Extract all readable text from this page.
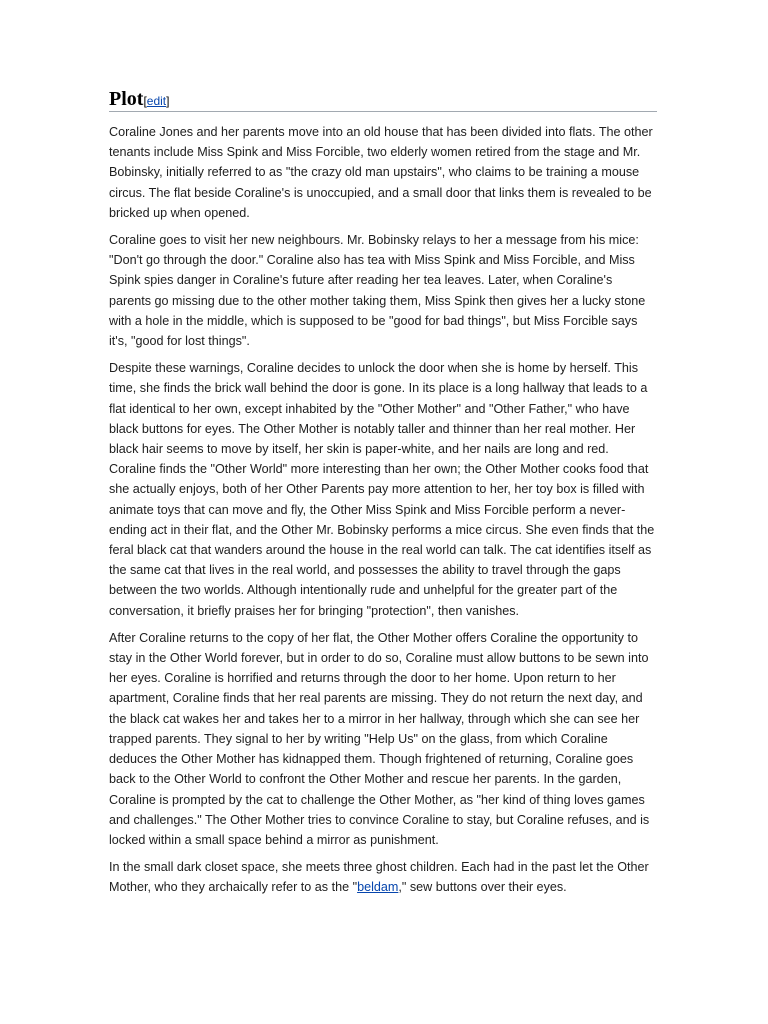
Plot[edit]

Coraline Jones and her parents move into an old house that has been divided into flats. The other tenants include Miss Spink and Miss Forcible, two elderly women retired from the stage and Mr. Bobinsky, initially referred to as "the crazy old man upstairs", who claims to be training a mouse circus. The flat beside Coraline's is unoccupied, and a small door that links them is revealed to be bricked up when opened.

Coraline goes to visit her new neighbours. Mr. Bobinsky relays to her a message from his mice: "Don't go through the door." Coraline also has tea with Miss Spink and Miss Forcible, and Miss Spink spies danger in Coraline's future after reading her tea leaves. Later, when Coraline's parents go missing due to the other mother taking them, Miss Spink then gives her a lucky stone with a hole in the middle, which is supposed to be "good for bad things", but Miss Forcible says it's, "good for lost things".

Despite these warnings, Coraline decides to unlock the door when she is home by herself. This time, she finds the brick wall behind the door is gone. In its place is a long hallway that leads to a flat identical to her own, except inhabited by the "Other Mother" and "Other Father," who have black buttons for eyes. The Other Mother is notably taller and thinner than her real mother. Her black hair seems to move by itself, her skin is paper-white, and her nails are long and red. Coraline finds the "Other World" more interesting than her own; the Other Mother cooks food that she actually enjoys, both of her Other Parents pay more attention to her, her toy box is filled with animate toys that can move and fly, the Other Miss Spink and Miss Forcible perform a never-ending act in their flat, and the Other Mr. Bobinsky performs a mice circus. She even finds that the feral black cat that wanders around the house in the real world can talk. The cat identifies itself as the same cat that lives in the real world, and possesses the ability to travel through the gaps between the two worlds. Although intentionally rude and unhelpful for the greater part of the conversation, it briefly praises her for bringing "protection", then vanishes.

After Coraline returns to the copy of her flat, the Other Mother offers Coraline the opportunity to stay in the Other World forever, but in order to do so, Coraline must allow buttons to be sewn into her eyes. Coraline is horrified and returns through the door to her home. Upon return to her apartment, Coraline finds that her real parents are missing. They do not return the next day, and the black cat wakes her and takes her to a mirror in her hallway, through which she can see her trapped parents. They signal to her by writing "Help Us" on the glass, from which Coraline deduces the Other Mother has kidnapped them. Though frightened of returning, Coraline goes back to the Other World to confront the Other Mother and rescue her parents. In the garden, Coraline is prompted by the cat to challenge the Other Mother, as "her kind of thing loves games and challenges." The Other Mother tries to convince Coraline to stay, but Coraline refuses, and is locked within a small space behind a mirror as punishment.

In the small dark closet space, she meets three ghost children. Each had in the past let the Other Mother, who they archaically refer to as the "beldam," sew buttons over their eyes.
